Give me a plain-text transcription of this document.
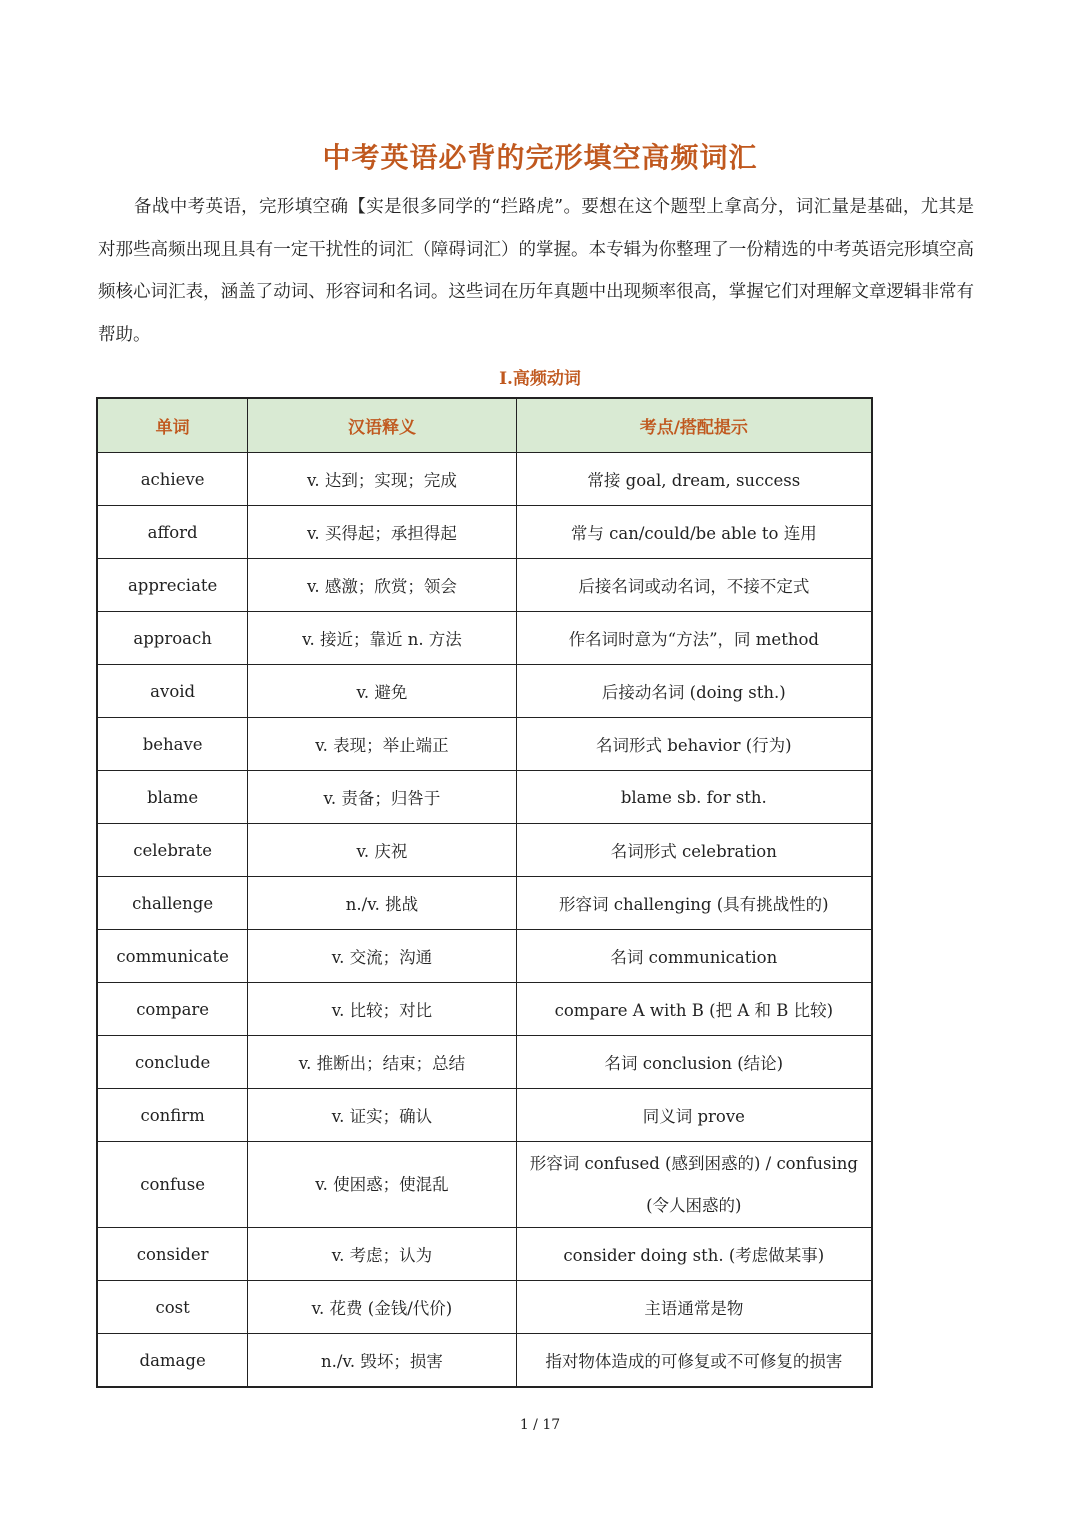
中考英语必背的完形填空高频词汇

备战中考英语，完形填空确【实是很多同学的“拦路虎”。要想在这个题型上拿高分，词汇量是基础，尤其是对那些高频出现且具有一定干扰性的词汇（障碍词汇）的掌握。本专辑为你整理了一份精选的中考英语完形填空高频核心词汇表，涵盖了动词、形容词和名词。这些词在历年真题中出现频率很高，掌握它们对理解文章逻辑非常有帮助。

I.高频动词
单词	汉语释义	考点/搭配提示
achieve	v. 达到；实现；完成	常接 goal, dream, success
afford	v. 买得起；承担得起	常与 can/could/be able to 连用
appreciate	v. 感激；欣赏；领会	后接名词或动名词，不接不定式
approach	v. 接近；靠近 n. 方法	作名词时意为“方法”，同 method
avoid	v. 避免	后接动名词 (doing sth.)
behave	v. 表现；举止端正	名词形式 behavior (行为)
blame	v. 责备；归咎于	blame sb. for sth.
celebrate	v. 庆祝	名词形式 celebration
challenge	n./v. 挑战	形容词 challenging (具有挑战性的)
communicate	v. 交流；沟通	名词 communication
compare	v. 比较；对比	compare A with B (把 A 和 B 比较)
conclude	v. 推断出；结束；总结	名词 conclusion (结论)
confirm	v. 证实；确认	同义词 prove
confuse	v. 使困惑；使混乱	形容词 confused (感到困惑的) / confusing (令人困惑的)
consider	v. 考虑；认为	consider doing sth. (考虑做某事)
cost	v. 花费 (金钱/代价)	主语通常是物
damage	n./v. 毁坏；损害	指对物体造成的可修复或不可修复的损害

1 / 17
